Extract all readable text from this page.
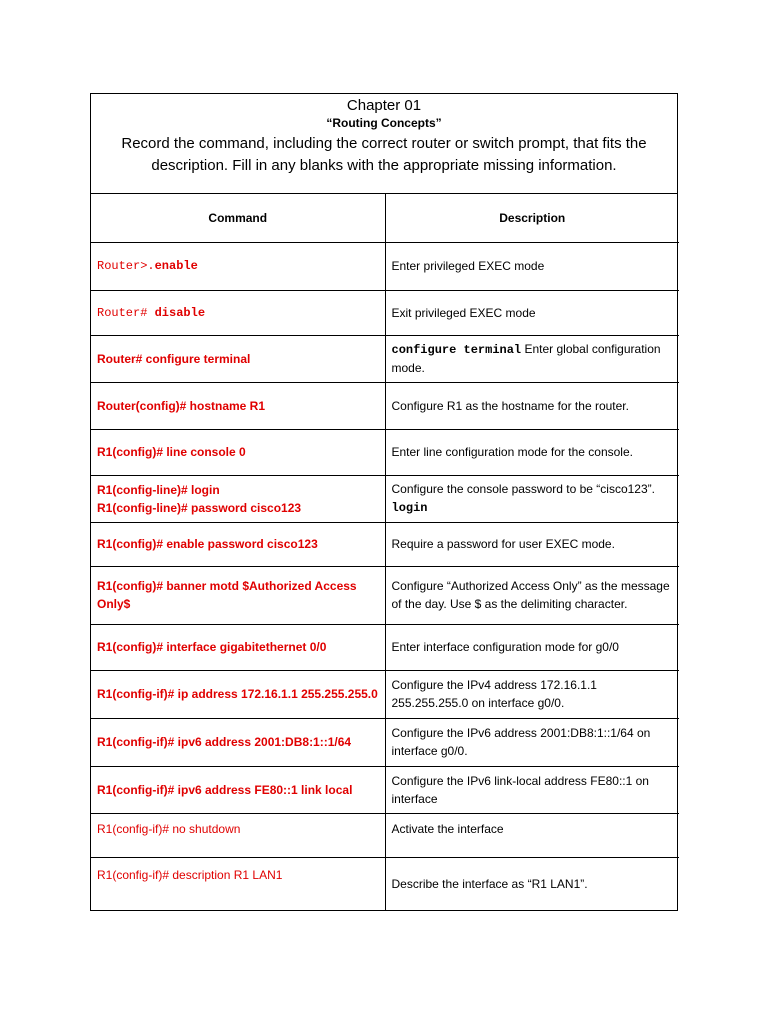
Chapter 01
“Routing Concepts”
Record the command, including the correct router or switch prompt, that fits the description. Fill in any blanks with the appropriate missing information.
Command	Description
Router>.enable	Enter privileged EXEC mode
Router# disable	Exit privileged EXEC mode
Router# configure terminal	configure terminal Enter global configuration mode.
Router(config)# hostname R1	Configure R1 as the hostname for the router.
R1(config)# line console 0	Enter line configuration mode for the console.

R1(config-line)# login
R1(config-line)# password cisco123	Configure the console password to be “cisco123”. login
R1(config)# enable password cisco123	Require a password for user EXEC mode.
R1(config)# banner motd $Authorized Access Only$	Configure “Authorized Access Only” as the message of the day. Use $ as the delimiting character.
R1(config)# interface gigabitethernet 0/0	Enter interface configuration mode for g0/0
R1(config-if)# ip address 172.16.1.1 255.255.255.0	Configure the IPv4 address 172.16.1.1 255.255.255.0 on interface g0/0.
R1(config-if)# ipv6 address 2001:DB8:1::1/64	Configure the IPv6 address 2001:DB8:1::1/64 on interface g0/0.
R1(config-if)# ipv6 address FE80::1 link local	Configure the IPv6 link-local address FE80::1 on interface
R1(config-if)# no shutdown	Activate the interface
R1(config-if)# description R1 LAN1	Describe the interface as “R1 LAN1”.
